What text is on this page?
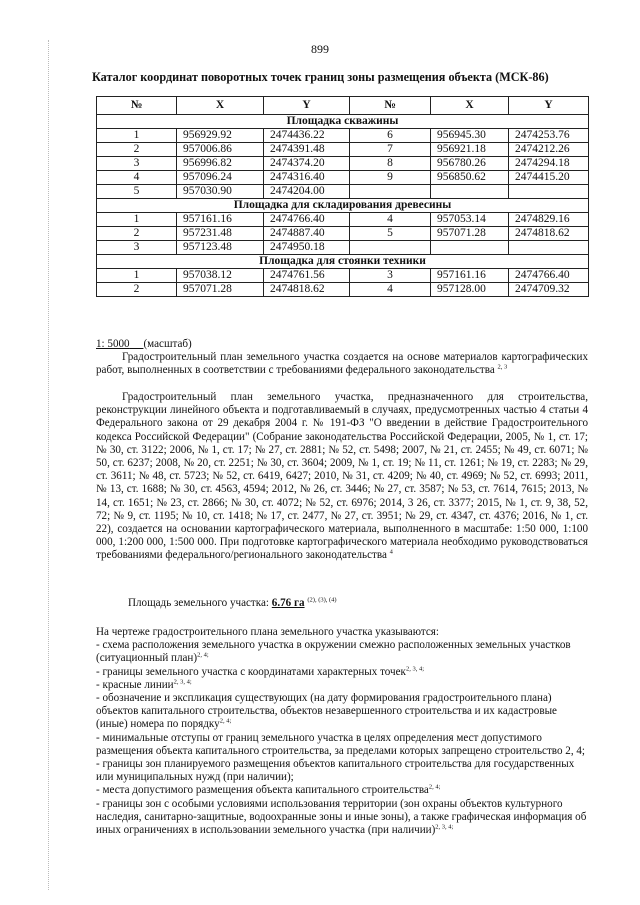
899
Каталог координат поворотных точек границ зоны размещения объекта (МСК-86)
№	X	Y	№	X	Y
Площадка скважины					
1	956929.92	2474436.22	6	956945.30	2474253.76
2	957006.86	2474391.48	7	956921.18	2474212.26
3	956996.82	2474374.20	8	956780.26	2474294.18
4	957096.24	2474316.40	9	956850.62	2474415.20
5	957030.90	2474204.00			
Площадка для складирования древесины					
1	957161.16	2474766.40	4	957053.14	2474829.16
2	957231.48	2474887.40	5	957071.28	2474818.62
3	957123.48	2474950.18			
Площадка для стоянки техники					
1	957038.12	2474761.56	3	957161.16	2474766.40
2	957071.28	2474818.62	4	957128.00	2474709.32
1: 5000 (масштаб)
Градостроительный план земельного участка создается на основе материалов картографических работ, выполненных в соответствии с требованиями федерального законодательства $^{2, 3}$
Градостроительный план земельного участка, предназначенного для строительства, реконструкции линейного объекта и подготавливаемый в случаях, предусмотренных частью 4 статьи 4 Федерального закона от 29 декабря 2004 г. № 191-ФЗ "О введении в действие Градостроительного кодекса Российской Федерации" (Собрание законодательства Российской Федерации, 2005, № 1, ст. 17; № 30, ст. 3122; 2006, № 1, ст. 17; № 27, ст. 2881; № 52, ст. 5498; 2007, № 21, ст. 2455; № 49, ст. 6071; № 50, ст. 6237; 2008, № 20, ст. 2251; № 30, ст. 3604; 2009, № 1, ст. 19; № 11, ст. 1261; № 19, ст. 2283; № 29, ст. 3611; № 48, ст. 5723; № 52, ст. 6419, 6427; 2010, № 31, ст. 4209; № 40, ст. 4969; № 52, ст. 6993; 2011, № 13, ст. 1688; № 30, ст. 4563, 4594; 2012, № 26, ст. 3446; № 27, ст. 3587; № 53, ст. 7614, 7615; 2013, № 14, ст. 1651; № 23, ст. 2866; № 30, ст. 4072; № 52, ст. 6976; 2014, 3 26, ст. 3377; 2015, № 1, ст. 9, 38, 52, 72; № 9, ст. 1195; № 10, ст. 1418; № 17, ст. 2477, № 27, ст. 3951; № 29, ст. 4347, ст. 4376; 2016, № 1, ст. 22), создается на основании картографического материала, выполненного в масштабе: 1:50 000, 1:100 000, 1:200 000, 1:500 000. При подготовке картографического материала необходимо руководствоваться требованиями федерального/регионального законодательства $^4$
Площадь земельного участка: 6.76 га $^{(2), (3), (4)}$
На чертеже градостроительного плана земельного участка указываются:
- схема расположения земельного участка в окружении смежно расположенных земельных участков (ситуационный план)$^{2, 4;}$
- границы земельного участка с координатами характерных точек$^{2, 3, 4;}$
- красные линии$^{2, 3, 4;}$
- обозначение и экспликация существующих (на дату формирования градостроительного плана) объектов капитального строительства, объектов незавершенного строительства и их кадастровые (иные) номера по порядку$^{2, 4;}$
- минимальные отступы от границ земельного участка в целях определения мест допустимого размещения объекта капитального строительства, за пределами которых запрещено строительство 2, 4;
- границы зон планируемого размещения объектов капитального строительства для государственных или муниципальных нужд (при наличии);
- места допустимого размещения объекта капитального строительства$^{2, 4;}$
- границы зон с особыми условиями использования территории (зон охраны объектов культурного наследия, санитарно-защитные, водоохранные зоны и иные зоны), а также графическая информация об иных ограничениях в использовании земельного участка (при наличии)$^{2, 3, 4;}$
